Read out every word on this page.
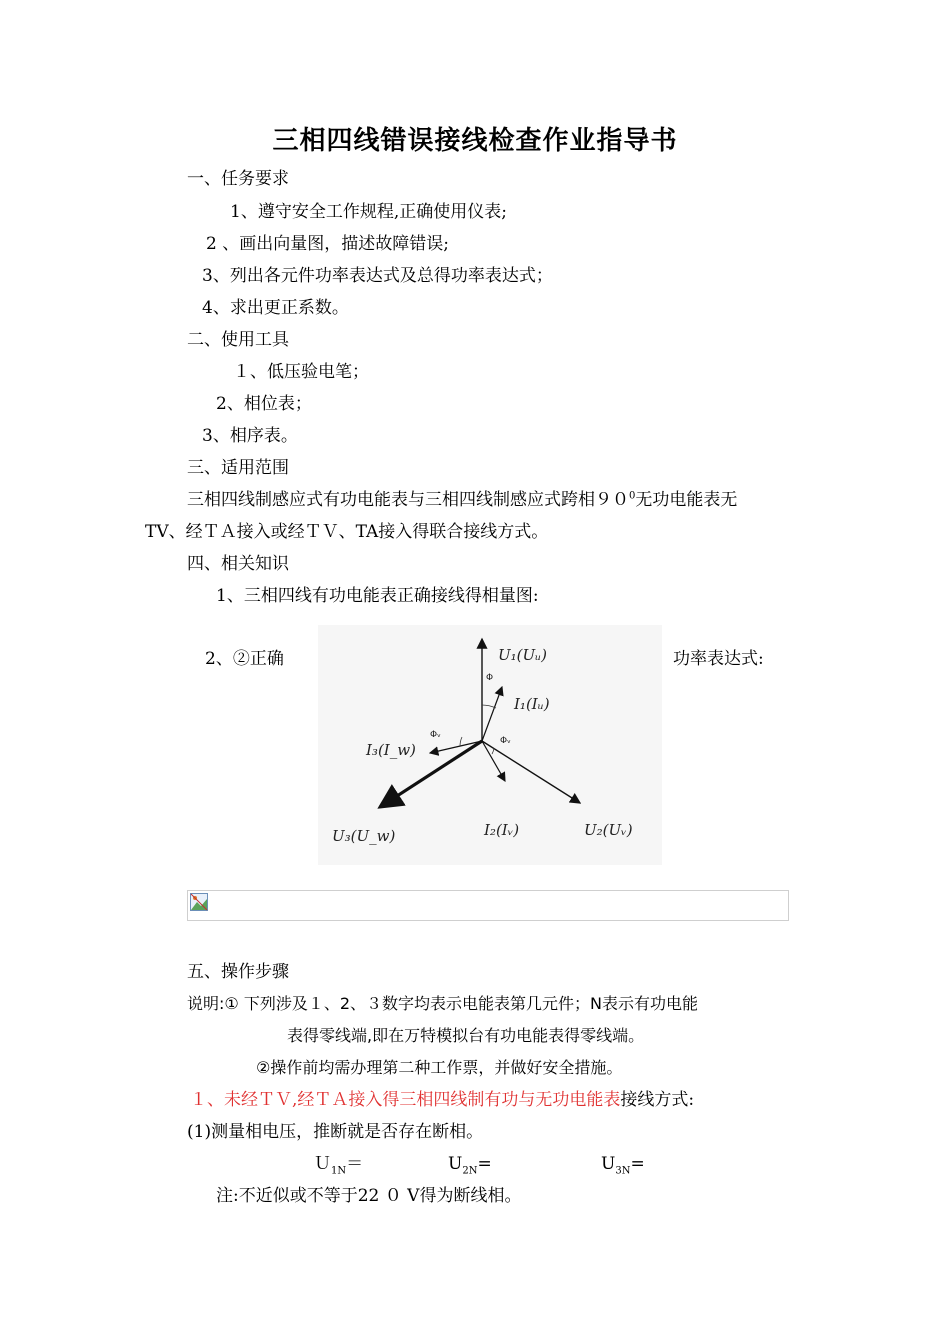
三相四线错误接线检查作业指导书
一、任务要求
1、遵守安全工作规程,正确使用仪表;
2 、画出向量图，描述故障错误;
3、列出各元件功率表达式及总得功率表达式；
4、求出更正系数。
二、使用工具
１、低压验电笔；
2、相位表；
3、相序表。
三、适用范围
三相四线制感应式有功电能表与三相四线制感应式跨相$90^0$无功电能表无
TV、经ＴＡ接入或经ＴＶ、TA接入得联合接线方式。
四、相关知识
1、三相四线有功电能表正确接线得相量图:
2、②正确	功率表达式:
U₁(Uᵤ)
I₁(Iᵤ)
I₃(I_w)
U₃(U_w)	I₂(Iᵥ)	U₂(Uᵥ)
Φ
Φᵥ
Φᵥ
五、操作步骤
说明:① 下列涉及１、2、３数字均表示电能表第几元件；N表示有功电能
表得零线端,即在万特模拟台有功电能表得零线端。
②操作前均需办理第二种工作票，并做好安全措施。
１、未经ＴＶ,经ＴＡ接入得三相四线制有功与无功电能表接线方式:
(1)测量相电压，推断就是否存在断相。
Ｕ$_{1N}$＝	$U_{2N}=$	$U_{3N}=$
注:不近似或不等于22 ０ V得为断线相。
